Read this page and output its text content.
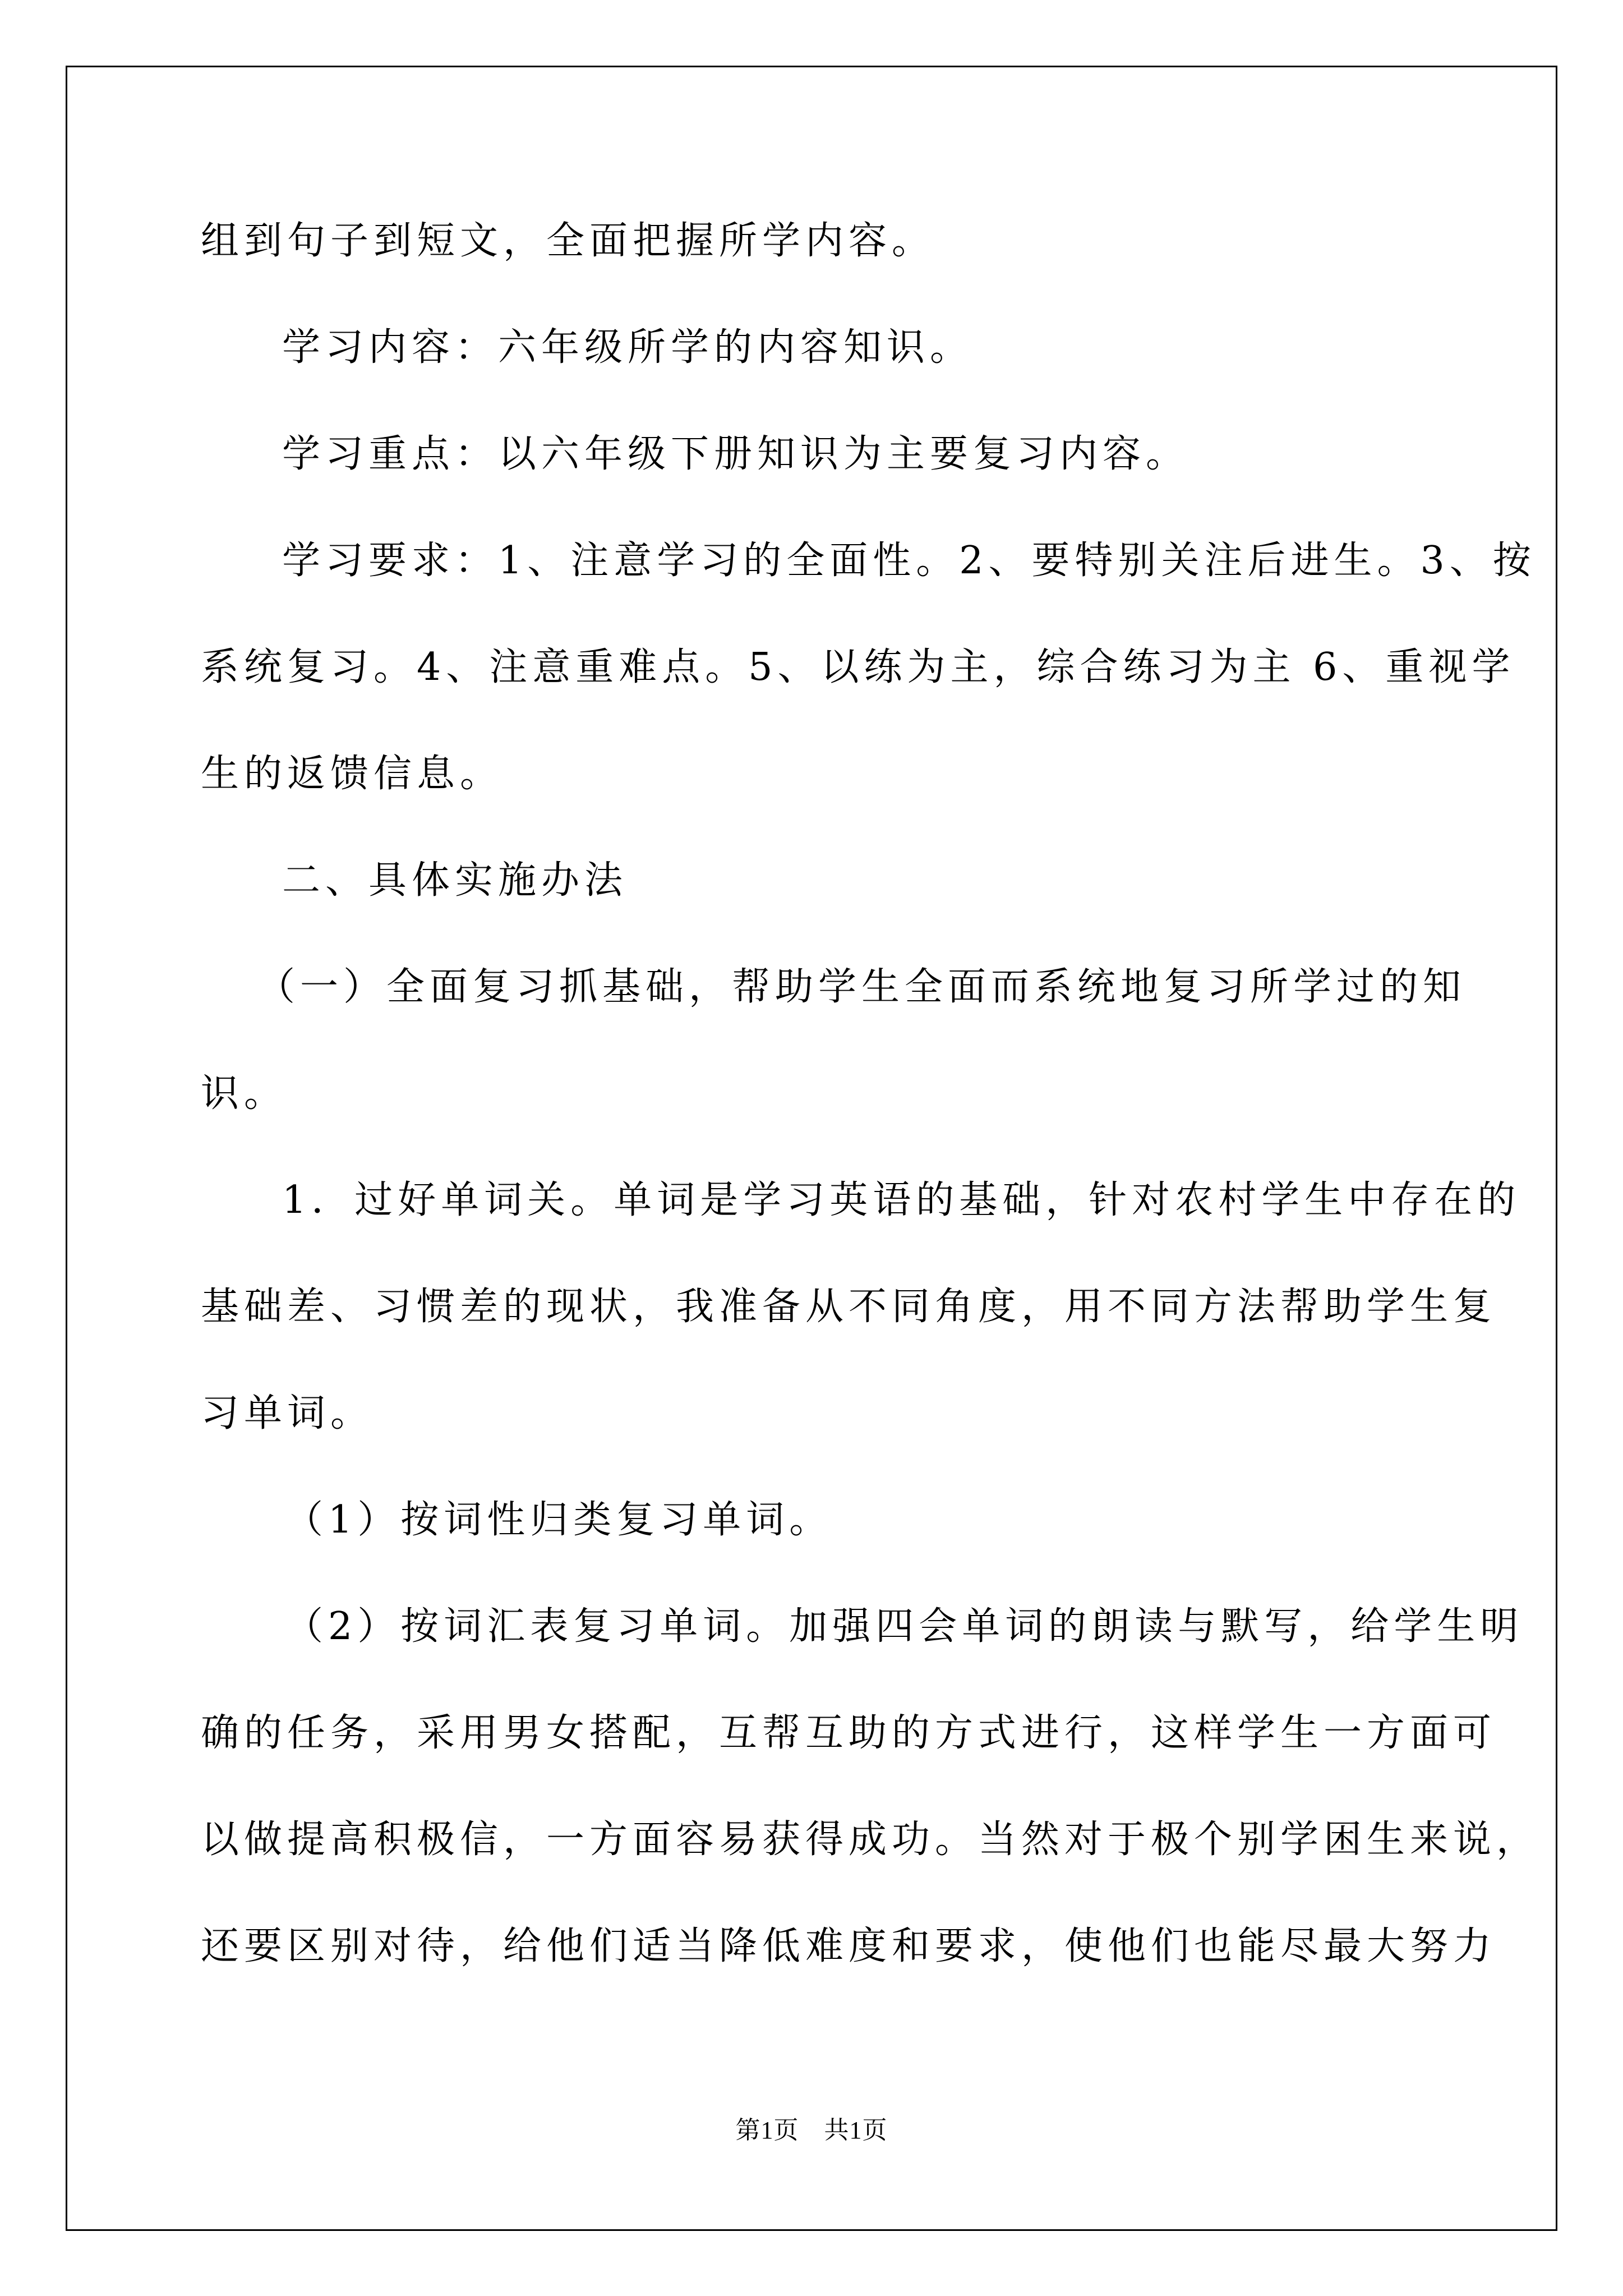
组到句子到短文，全面把握所学内容。
学习内容：六年级所学的内容知识。
学习重点：以六年级下册知识为主要复习内容。
学习要求：1、注意学习的全面性。2、要特别关注后进生。3、按
系统复习。4、注意重难点。5、以练为主，综合练习为主 6、重视学
生的返馈信息。
二、具体实施办法
（一）全面复习抓基础，帮助学生全面而系统地复习所学过的知
识。
1．过好单词关。单词是学习英语的基础，针对农村学生中存在的
基础差、习惯差的现状，我准备从不同角度，用不同方法帮助学生复
习单词。
（1）按词性归类复习单词。
（2）按词汇表复习单词。加强四会单词的朗读与默写，给学生明
确的任务，采用男女搭配，互帮互助的方式进行，这样学生一方面可
以做提高积极信，一方面容易获得成功。当然对于极个别学困生来说，
还要区别对待，给他们适当降低难度和要求，使他们也能尽最大努力
第1页　共1页
